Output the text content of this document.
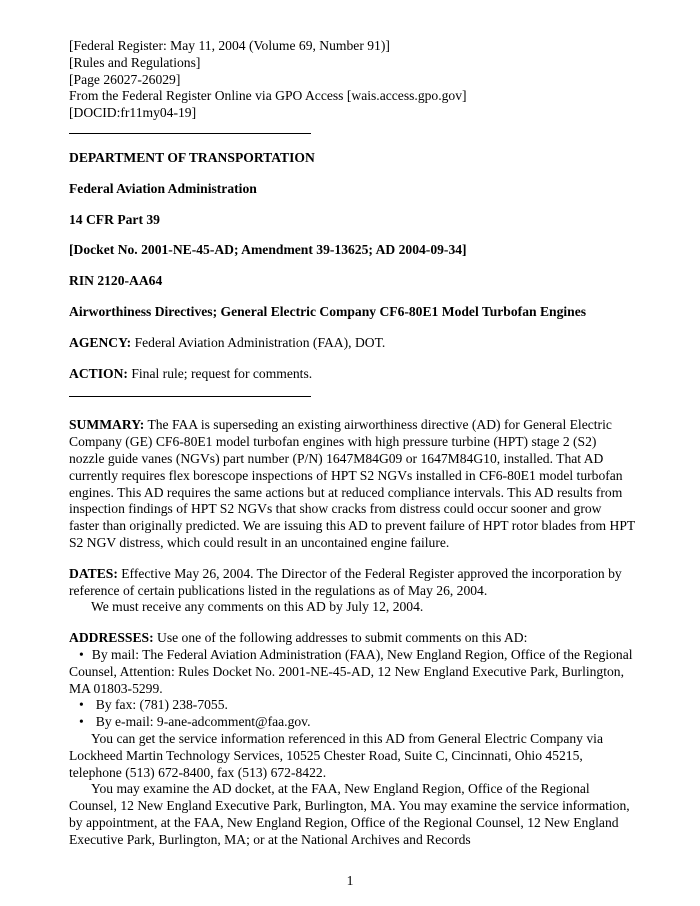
[Federal Register: May 11, 2004 (Volume 69, Number 91)]
[Rules and Regulations]
[Page 26027-26029]
From the Federal Register Online via GPO Access [wais.access.gpo.gov]
[DOCID:fr11my04-19]

DEPARTMENT OF TRANSPORTATION

Federal Aviation Administration

14 CFR Part 39

[Docket No. 2001-NE-45-AD; Amendment 39-13625; AD 2004-09-34]

RIN 2120-AA64

Airworthiness Directives; General Electric Company CF6-80E1 Model Turbofan Engines

AGENCY: Federal Aviation Administration (FAA), DOT.

ACTION: Final rule; request for comments.

SUMMARY: The FAA is superseding an existing airworthiness directive (AD) for General Electric Company (GE) CF6-80E1 model turbofan engines with high pressure turbine (HPT) stage 2 (S2) nozzle guide vanes (NGVs) part number (P/N) 1647M84G09 or 1647M84G10, installed. That AD currently requires flex borescope inspections of HPT S2 NGVs installed in CF6-80E1 model turbofan engines. This AD requires the same actions but at reduced compliance intervals. This AD results from inspection findings of HPT S2 NGVs that show cracks from distress could occur sooner and grow faster than originally predicted. We are issuing this AD to prevent failure of HPT rotor blades from HPT S2 NGV distress, which could result in an uncontained engine failure.

DATES: Effective May 26, 2004. The Director of the Federal Register approved the incorporation by reference of certain publications listed in the regulations as of May 26, 2004.

We must receive any comments on this AD by July 12, 2004.

ADDRESSES: Use one of the following addresses to submit comments on this AD:

• By mail: The Federal Aviation Administration (FAA), New England Region, Office of the Regional Counsel, Attention: Rules Docket No. 2001-NE-45-AD, 12 New England Executive Park, Burlington, MA 01803-5299.

• By fax: (781) 238-7055.

• By e-mail: 9-ane-adcomment@faa.gov.

You can get the service information referenced in this AD from General Electric Company via Lockheed Martin Technology Services, 10525 Chester Road, Suite C, Cincinnati, Ohio 45215, telephone (513) 672-8400, fax (513) 672-8422.

You may examine the AD docket, at the FAA, New England Region, Office of the Regional Counsel, 12 New England Executive Park, Burlington, MA. You may examine the service information, by appointment, at the FAA, New England Region, Office of the Regional Counsel, 12 New England Executive Park, Burlington, MA; or at the National Archives and Records

1
